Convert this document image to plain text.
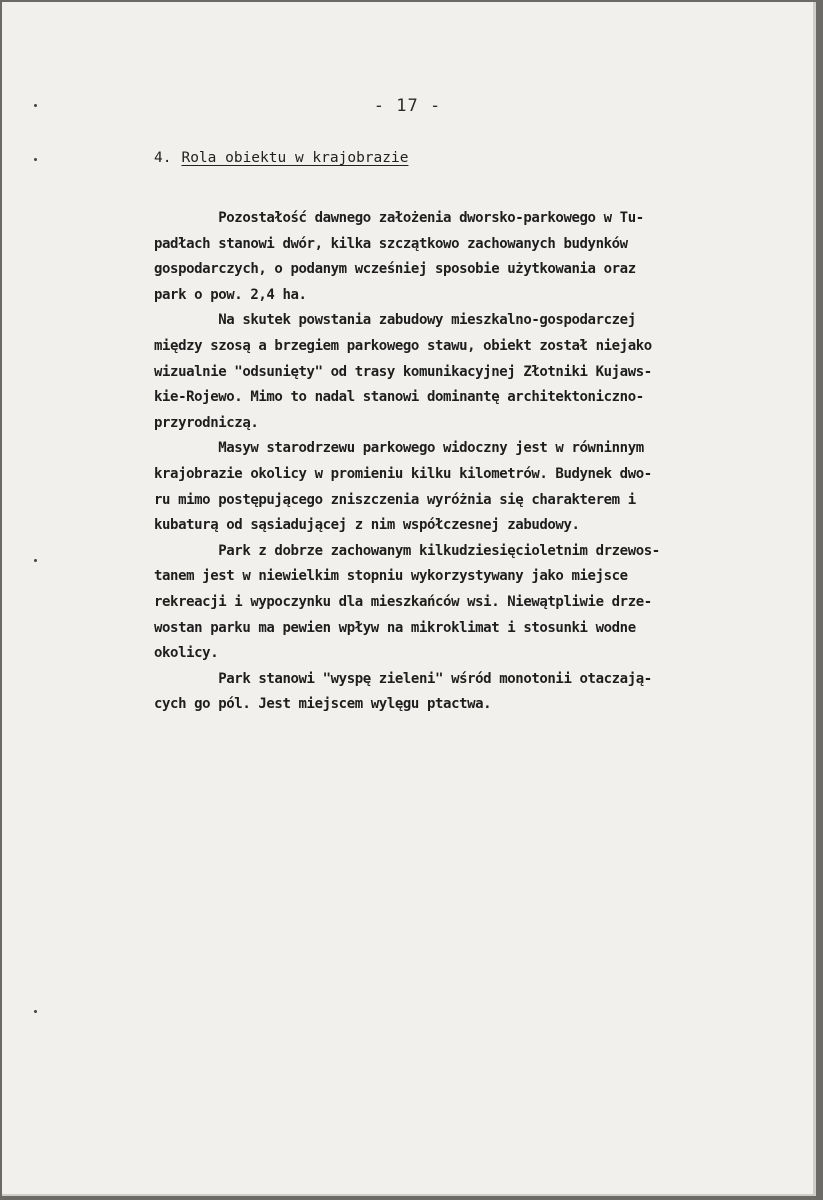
- 17 -
4. Rola obiektu w krajobrazie
Pozostałość dawnego założenia dworsko-parkowego w Tu-
padłach stanowi dwór, kilka szczątkowo zachowanych budynków
gospodarczych, o podanym wcześniej sposobie użytkowania oraz
park o pow. 2,4 ha.
Na skutek powstania zabudowy mieszkalno-gospodarczej
między szosą a brzegiem parkowego stawu, obiekt został niejako
wizualnie "odsunięty" od trasy komunikacyjnej Złotniki Kujaws-
kie-Rojewo. Mimo to nadal stanowi dominantę architektoniczno-
przyrodniczą.
Masyw starodrzewu parkowego widoczny jest w równinnym
krajobrazie okolicy w promieniu kilku kilometrów. Budynek dwo-
ru mimo postępującego zniszczenia wyróżnia się charakterem i
kubaturą od sąsiadującej z nim współczesnej zabudowy.
Park z dobrze zachowanym kilkudziesięcioletnim drzewos-
tanem jest w niewielkim stopniu wykorzystywany jako miejsce
rekreacji i wypoczynku dla mieszkańców wsi. Niewątpliwie drze-
wostan parku ma pewien wpływ na mikroklimat i stosunki wodne
okolicy.
Park stanowi "wyspę zieleni" wśród monotonii otaczają-
cych go pól. Jest miejscem wylęgu ptactwa.
